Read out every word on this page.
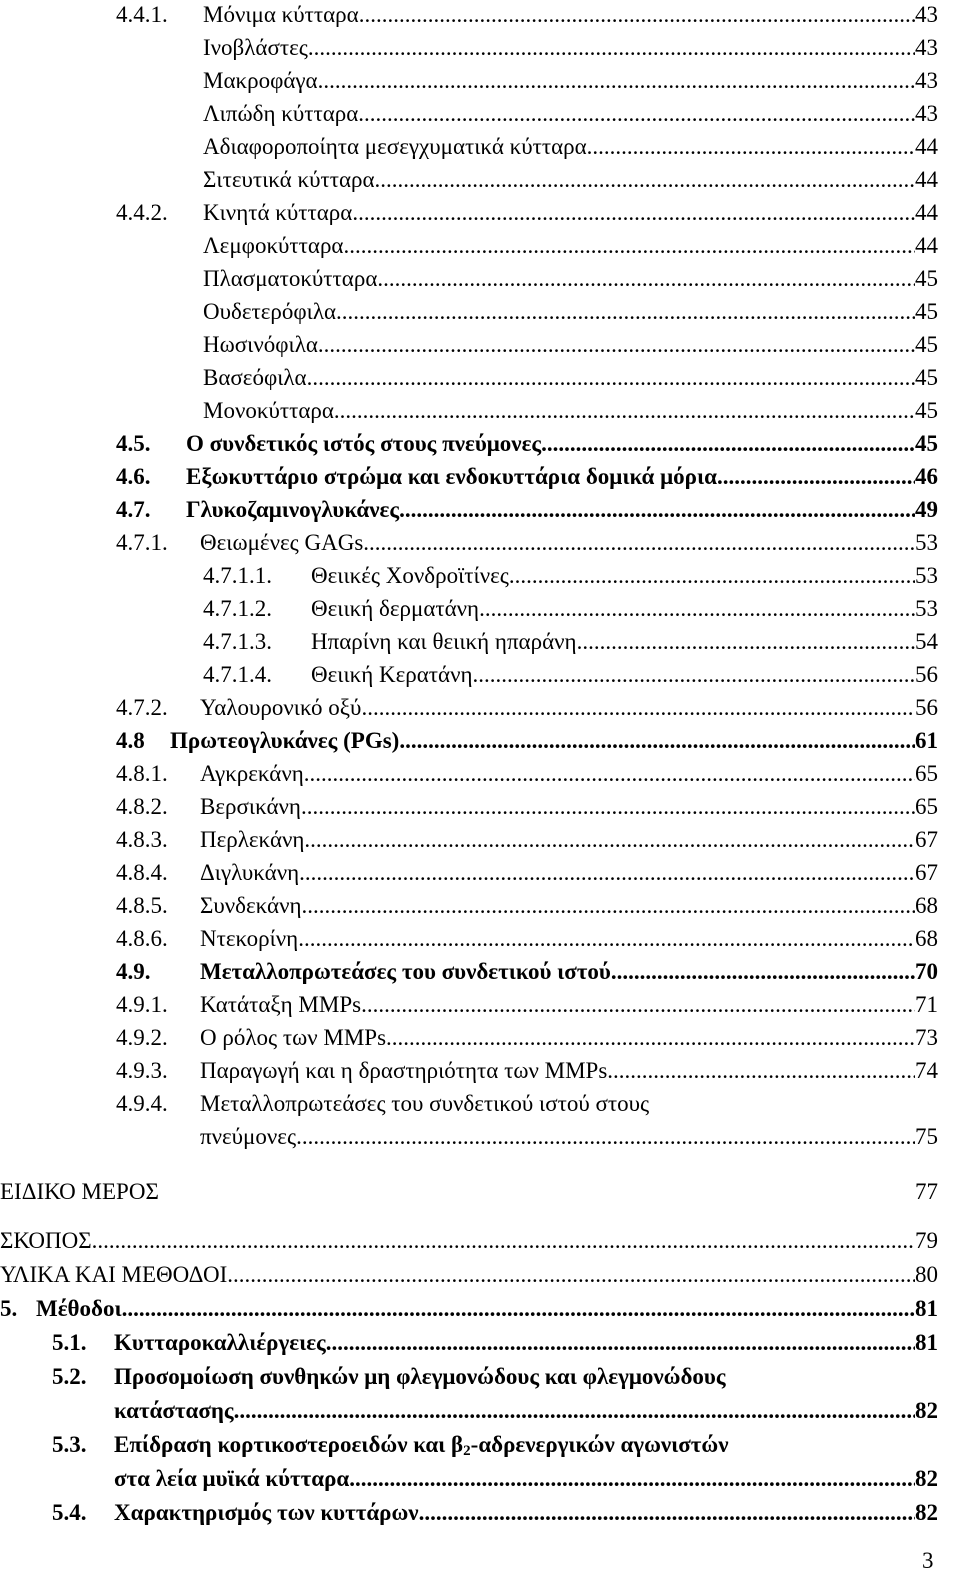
4.4.1.	Μόνιμα κύτταρα .....	43
Ινοβλάστες .....	43
Μακροφάγα .....	43
Λιπώδη κύτταρα .....	43
Αδιαφοροποίητα μεσεγχυματικά κύτταρα .....	44
Σιτευτικά κύτταρα .....	44
4.4.2.	Κινητά κύτταρα .....	44
Λεμφοκύτταρα .....	44
Πλασματοκύτταρα .....	45
Ουδετερόφιλα .....	45
Ηωσινόφιλα .....	45
Βασεόφιλα .....	45
Μονοκύτταρα .....	45
4.5.	Ο συνδετικός ιστός στους πνεύμονες .....	45
4.6.	Εξωκυττάριο στρώμα και ενδοκυττάρια δομικά μόρια .....	46
4.7.	Γλυκοζαμινογλυκάνες .....	49
4.7.1.	Θειωμένες GAGs .....	53
4.7.1.1.	Θειικές Χονδροϊτίνες .....	53
4.7.1.2.	Θειική δερματάνη .....	53
4.7.1.3.	Ηπαρίνη και θειική ηπαράνη .....	54
4.7.1.4.	Θειική Κερατάνη .....	56
4.7.2.	Υαλουρονικό οξύ .....	56
4.8	Πρωτεογλυκάνες (PGs) .....	61
4.8.1.	Αγκρεκάνη .....	65
4.8.2.	Βερσικάνη .....	65
4.8.3.	Περλεκάνη .....	67
4.8.4.	Διγλυκάνη .....	67
4.8.5.	Συνδεκάνη .....	68
4.8.6.	Ντεκορίνη .....	68
4.9.	Μεταλλοπρωτεάσες του συνδετικού ιστού .....	70
4.9.1.	Κατάταξη MMPs .....	71
4.9.2.	Ο ρόλος των MMPs .....	73
4.9.3.	Παραγωγή και η δραστηριότητα των MMPs .....	74
4.9.4. Μεταλλοπρωτεάσες του συνδετικού ιστού στους
πνεύμονες .....	75
ΕΙΔΙΚΟ ΜΕΡΟΣ	77
ΣΚΟΠΟΣ .....	79
ΥΛΙΚΑ ΚΑΙ ΜΕΘΟΔΟΙ .....	80
5. Μέθοδοι .....	81
5.1.	Κυτταροκαλλιέργειες .....	81
5.2. Προσομοίωση συνθηκών μη φλεγμονώδους και φλεγμονώδους
κατάστασης .....	82
5.3. Επίδραση κορτικοστεροειδών και $\beta_2$-αδρενεργικών αγωνιστών
στα λεία μυϊκά κύτταρα .....	82
5.4.	Χαρακτηρισμός των κυττάρων .....	82
3
